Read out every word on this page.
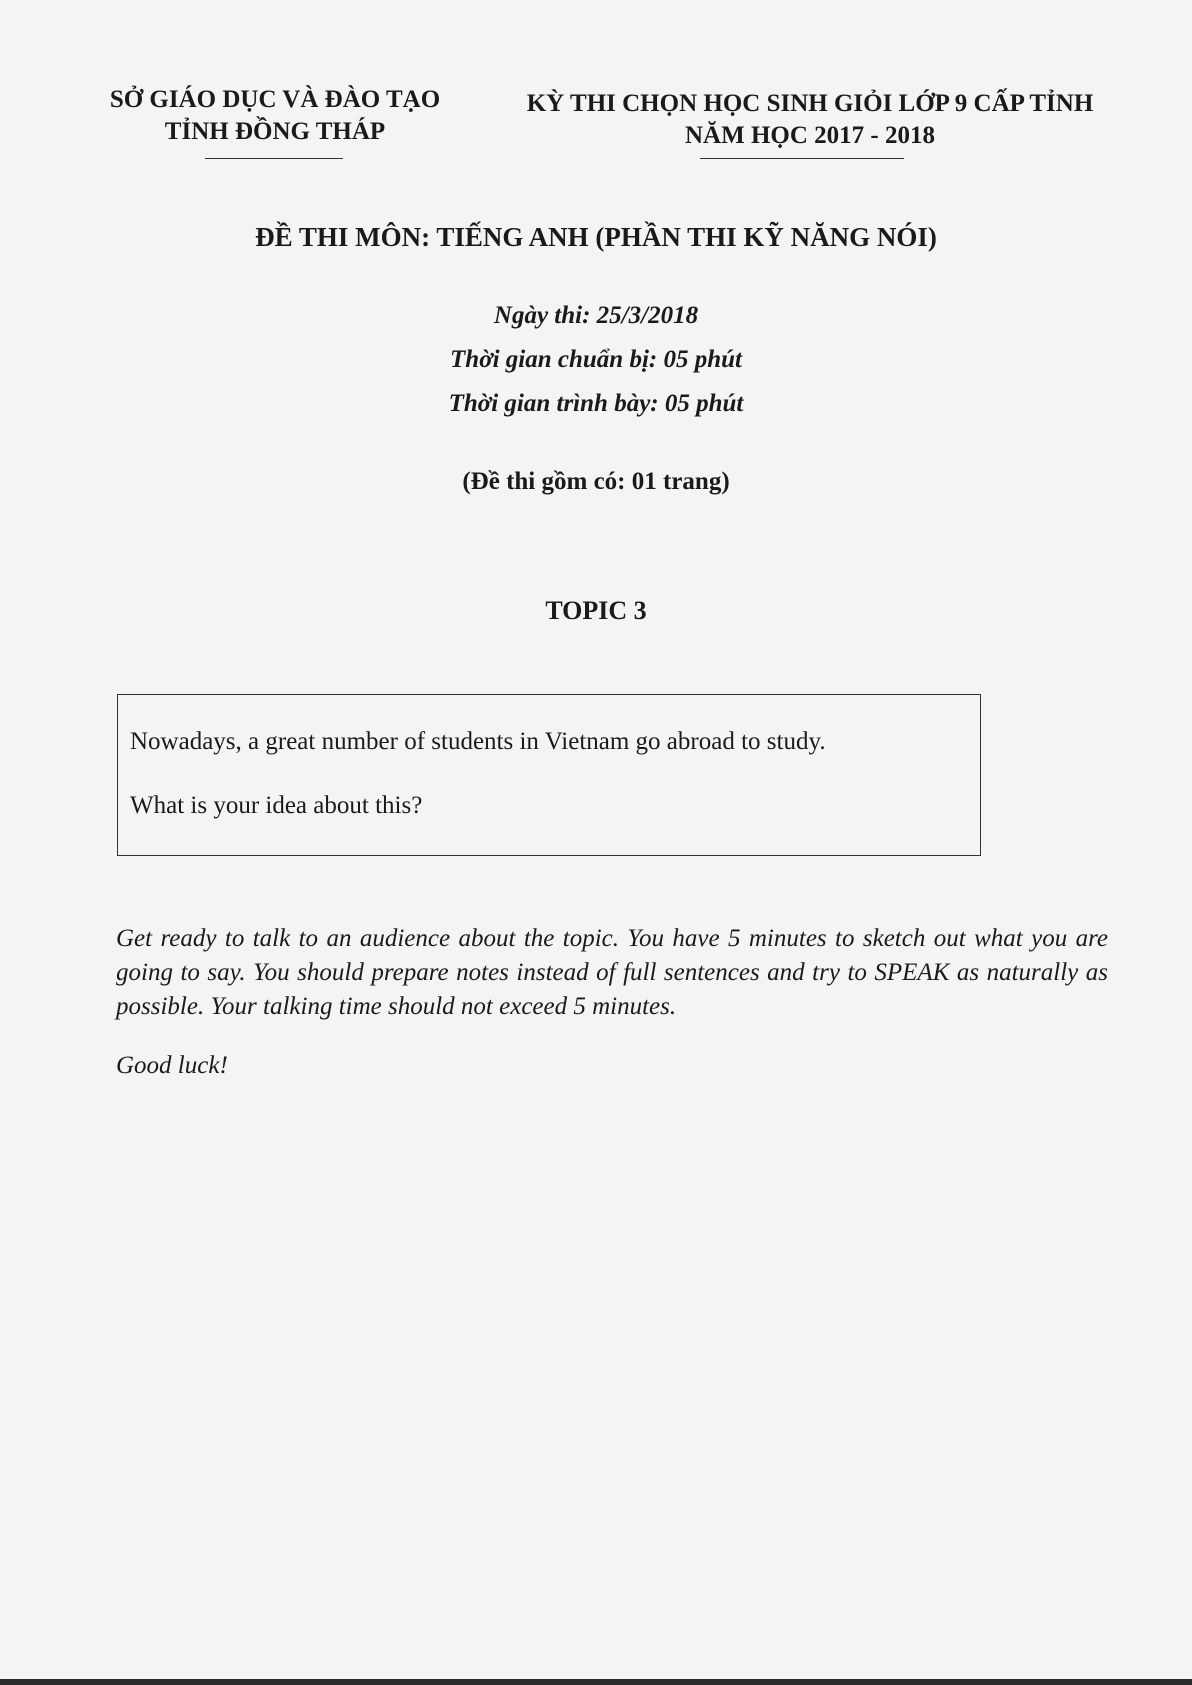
SỞ GIÁO DỤC VÀ ĐÀO TẠO
TỈNH ĐỒNG THÁP
KỲ THI CHỌN HỌC SINH GIỎI LỚP 9 CẤP TỈNH
NĂM HỌC 2017 - 2018
ĐỀ THI MÔN: TIẾNG ANH (PHẦN THI KỸ NĂNG NÓI)
Ngày thi: 25/3/2018
Thời gian chuẩn bị: 05 phút
Thời gian trình bày: 05 phút
(Đề thi gồm có: 01 trang)
TOPIC 3

Nowadays, a great number of students in Vietnam go abroad to study.

What is your idea about this?

Get ready to talk to an audience about the topic. You have 5 minutes to sketch out what you are going to say. You should prepare notes instead of full sentences and try to SPEAK as naturally as possible. Your talking time should not exceed 5 minutes.
Good luck!
